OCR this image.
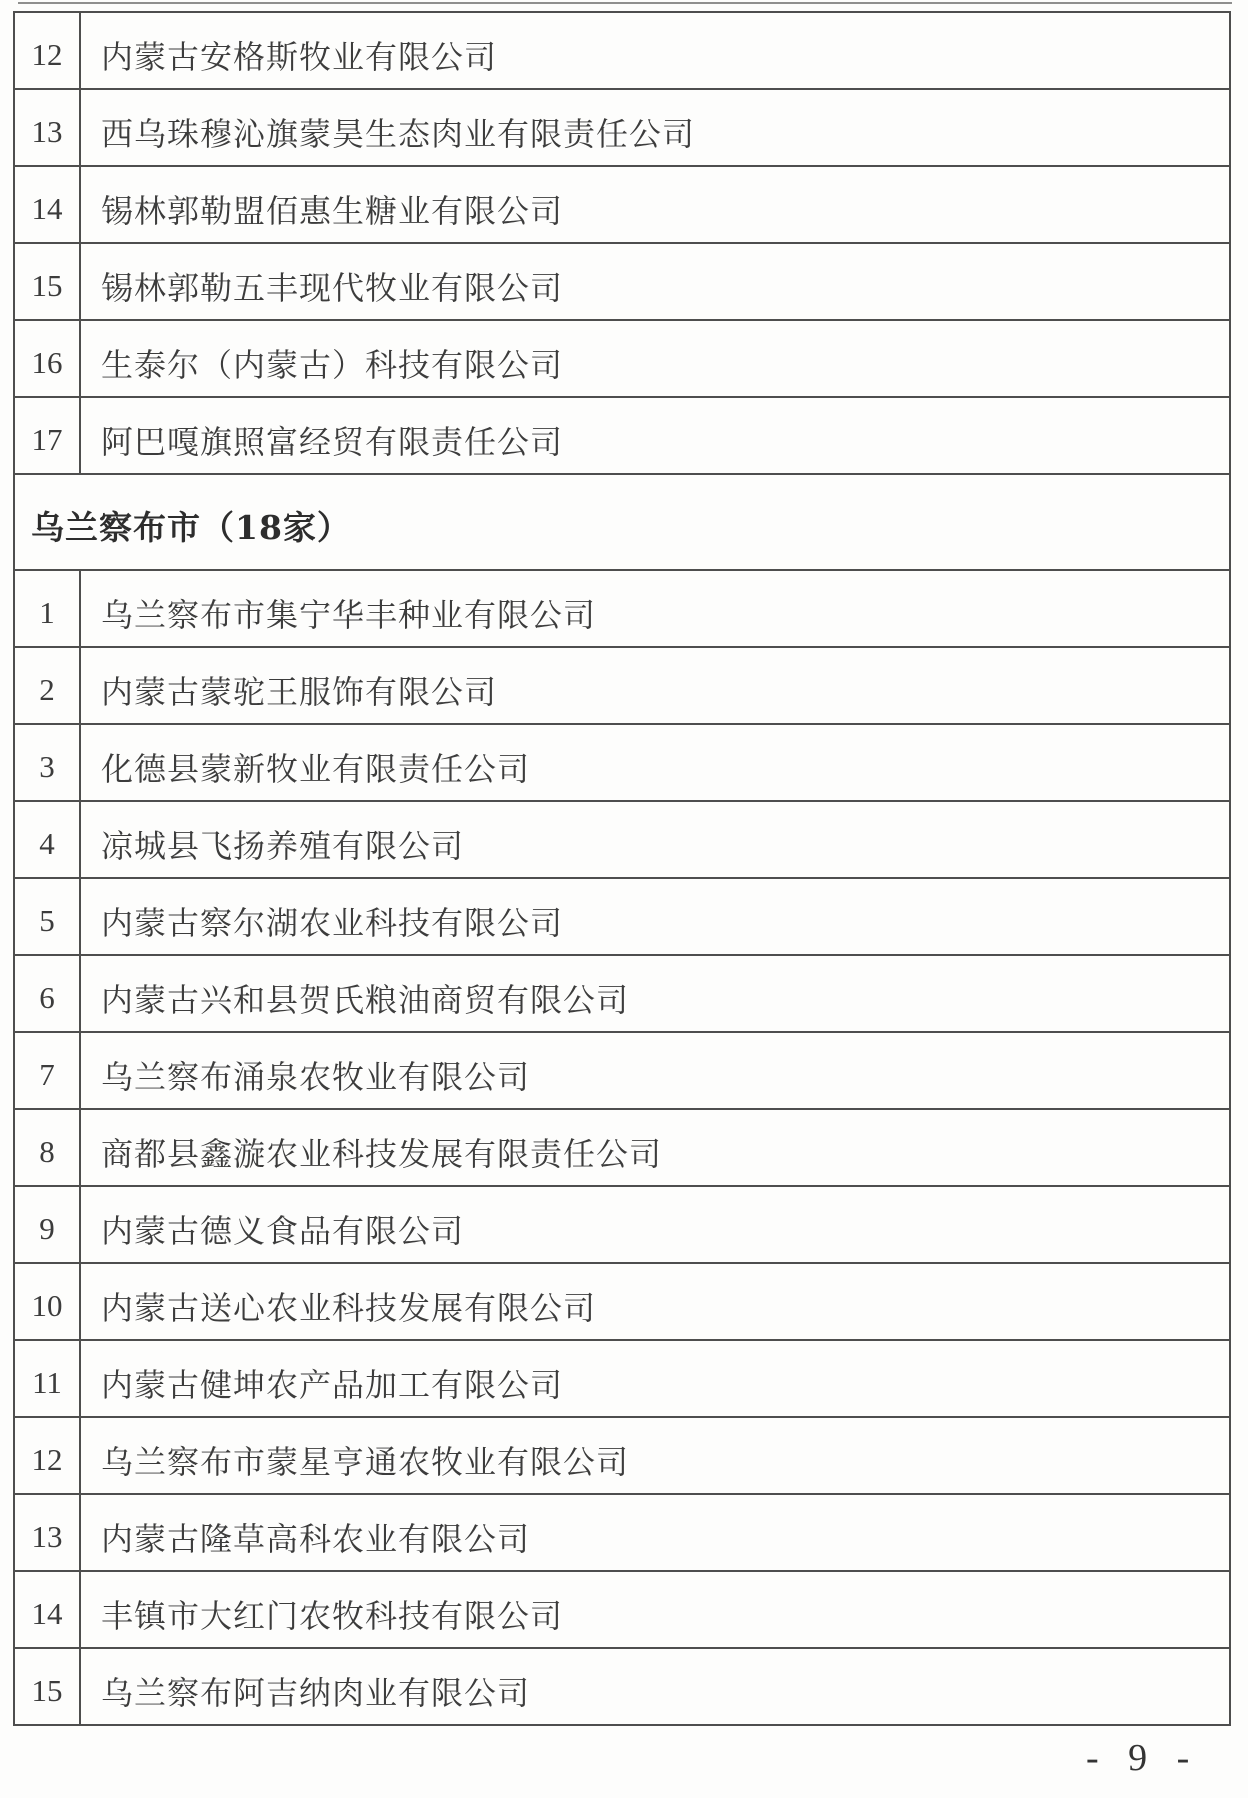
12	内蒙古安格斯牧业有限公司
13	西乌珠穆沁旗蒙昊生态肉业有限责任公司
14	锡林郭勒盟佰惠生糖业有限公司
15	锡林郭勒五丰现代牧业有限公司
16	生泰尔（内蒙古）科技有限公司
17	阿巴嘎旗照富经贸有限责任公司
乌兰察布市（18家）
1	乌兰察布市集宁华丰种业有限公司
2	内蒙古蒙驼王服饰有限公司
3	化德县蒙新牧业有限责任公司
4	凉城县飞扬养殖有限公司
5	内蒙古察尔湖农业科技有限公司
6	内蒙古兴和县贺氏粮油商贸有限公司
7	乌兰察布涌泉农牧业有限公司
8	商都县鑫漩农业科技发展有限责任公司
9	内蒙古德义食品有限公司
10	内蒙古送心农业科技发展有限公司
11	内蒙古健坤农产品加工有限公司
12	乌兰察布市蒙星亨通农牧业有限公司
13	内蒙古隆草高科农业有限公司
14	丰镇市大红门农牧科技有限公司
15	乌兰察布阿吉纳肉业有限公司
- 9 -
